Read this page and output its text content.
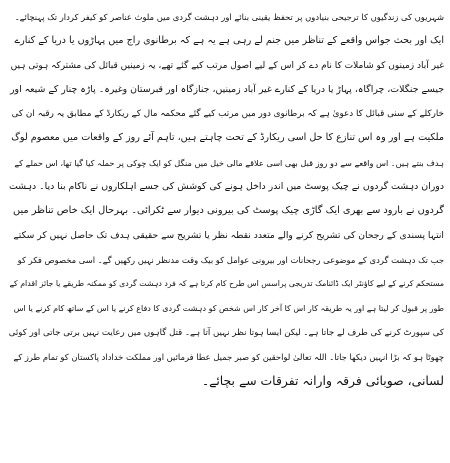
شہریوں کی زندگیوں کا ترجیحی بنیادوں پر تحفظ یقینی بنائے اور دہشت گردی میں ملوث عناصر کو کیفر کردار تک پہنچائے۔
ایک اور بحث جواس واقعے کے تناظر میں جنم لے رہی ہے یہ ہے کہ برطانوی راج میں پہاڑوں یا دریا کے کنارے
غیر آباد زمینوں کو شاملات کا نام دے کر اس کے لیے اصول مرتب کیے گئے تھے، یہ زمینیں قبائل کی مشترکہ ہوتی ہیں
جیسے جنگلات، چراگاہ، پہاڑ یا دریا کے کنارے غیر آباد زمینیں، جنازگاہ اور قبرستان وغیرہ۔ پاڑہ چنار کے شیعہ اور
خارکلے کے سنی قبائل کا دعویٰ ہے کہ برطانوی دور میں مرتب کیے گئے محکمہ مال کے ریکارڈ کے مطابق یہ رقبہ ان کی
ملکیت ہے اور وہ اس تنازع کا حل اسی ریکارڈ کے تحت چاہتے ہیں، تاہم آئے روز کے واقعات میں معصوم لوگ
ہدف بنتے ہیں۔ اس واقعے سے دو روز قبل بھی اسی علاقے مالی خیل میں منگل کو ایک چوکی پر حملہ کیا گیا تھا، اس حملے کے
دوران دہشت گردوں نے چیک پوسٹ میں اندر داخل ہونے کی کوشش کی جسے اہلکاروں نے ناکام بنا دیا۔ دہشت
گردوں نے بارود سے بھری ایک گاڑی چیک پوسٹ کی بیرونی دیوار سے ٹکرائی۔ بہرحال ایک خاص تناظر میں
انتہا پسندی کے رجحان کی تشریح کرنے والے متعدد نقطہ نظر یا تشریح سے حقیقی ہدف تک حاصل نہیں کر سکتے
جب تک دہشت گردی کے موضوعی رجحانات اور بیرونی عوامل کو بیک وقت مدنظر نہیں رکھیں گے۔ اسی مخصوص فکر کو
مستحکم کرنے کے لیے کاؤنٹر ایک ڈائنامک تدریجی پراسس اس طرح کام کرتا ہے کہ فرد دہشت گردی کو ممکنہ طریقے یا جائز اقدام کے
طور پر قبول کر لیتا ہے اور یہ طریقہ کار اس کا آخر کار اس شخص کو دہشت گردی کا دفاع کرنے یا اس کے ساتھ کام کرنے یا اس
کی سپورٹ کرنے کی طرف لے جاتا ہے۔ لیکن ایسا ہوتا نظر نہیں آتا ہے۔ قتل گاہوں میں رعایت نہیں برتی جاتی اور کوئی
چھوٹا ہو کہ بڑا انہیں دیکھا جاتا۔ اللہ تعالیٰ لواحقین کو صبر جمیل عطا فرمائیں اور مملکت خداداد پاکستان کو تمام طرز کے
لسانی، صوبائی فرقہ وارانہ تفرقات سے بچائے۔
